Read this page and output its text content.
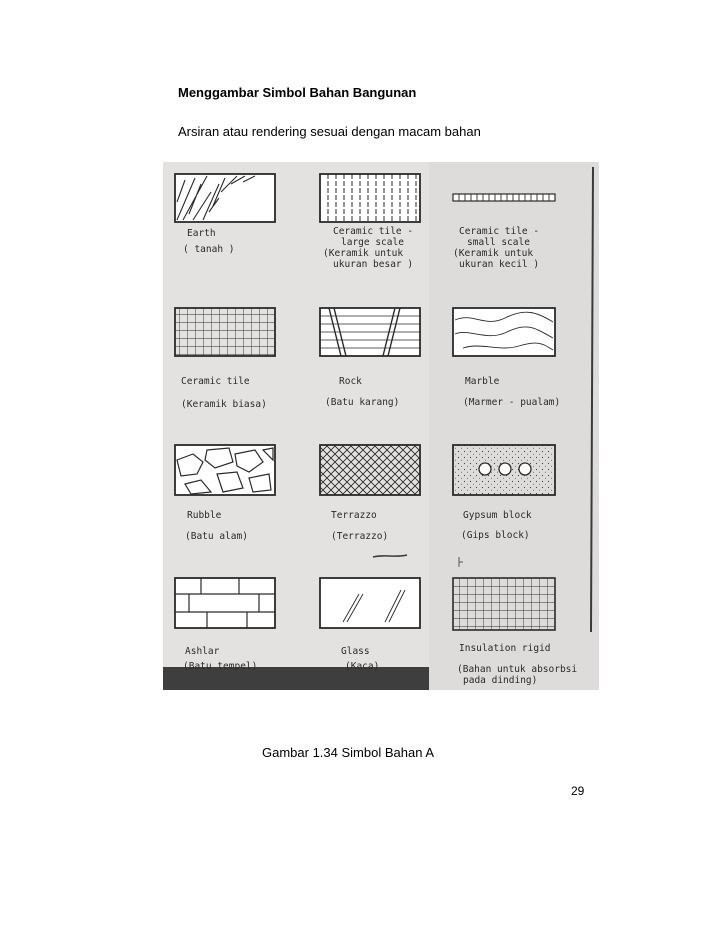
Menggambar Simbol Bahan Bangunan
Arsiran atau rendering sesuai dengan macam bahan
Earth
( tanah )
Ceramic tile -
large scale
(Keramik untuk
ukuran besar )
Ceramic tile -
small scale
(Keramik untuk
ukuran kecil )
Ceramic tile
(Keramik biasa)
Rock
(Batu karang)
Marble
(Marmer - pualam)
Rubble
(Batu alam)
Terrazzo
(Terrazzo)
Gypsum block
(Gips block)
Ashlar
(Batu tempel)
Glass
(Kaca)
Insulation rigid
(Bahan untuk absorbsi
pada dinding)
Gambar 1.34 Simbol Bahan A
29
